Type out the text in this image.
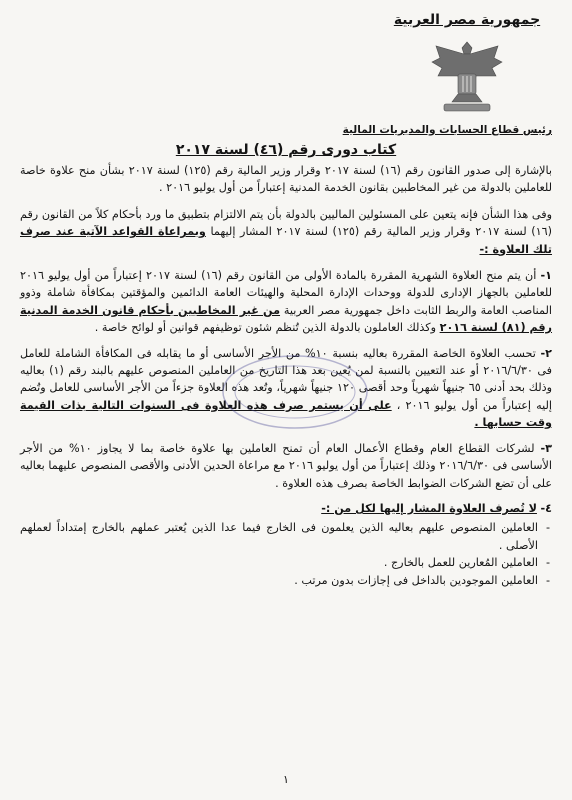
جمهورية مصر العربية
رئيس قطاع الحسابات والمديريات المالية
كتاب دورى رقم (٤٦) لسنة ٢٠١٧

بالإشارة إلى صدور القانون رقم (١٦) لسنة ٢٠١٧ وقرار وزير المالية رقم (١٢٥) لسنة ٢٠١٧ بشأن منح علاوة خاصة للعاملين بالدولة من غير المخاطبين بقانون الخدمة المدنية إعتباراً من أول يوليو ٢٠١٦ .

وفى هذا الشأن فإنه يتعين على المسئولين الماليين بالدولة بأن يتم الالتزام بتطبيق ما ورد بأحكام كلاً من القانون رقم (١٦) لسنة ٢٠١٧ وقرار وزير المالية رقم (١٢٥) لسنة ٢٠١٧ المشار إليهما وبمراعاة القواعد الآتية عند صرف تلك العلاوة :-

١- أن يتم منح العلاوة الشهرية المقررة بالمادة الأولى من القانون رقم (١٦) لسنة ٢٠١٧ إعتباراً من أول يوليو ٢٠١٦ للعاملين بالجهاز الإدارى للدولة ووحدات الإدارة المحلية والهيئات العامة الدائمين والمؤقتين بمكافأة شاملة وذوو المناصب العامة والربط الثابت داخل جمهورية مصر العربية من غير المخاطبين بأحكام قانون الخدمة المدنية رقم (٨١) لسنة ٢٠١٦ وكذلك العاملون بالدولة الذين تُنظم شئون توظيفهم قوانين أو لوائح خاصة .
٢- تحسب العلاوة الخاصة المقررة بعاليه بنسبة ١٠% من الأجر الأساسى أو ما يقابله فى المكافأة الشاملة للعامل فى ٢٠١٦/٦/٣٠ أو عند التعيين بالنسبة لمن يُعين بعد هذا التاريخ من العاملين المنصوص عليهم بالبند رقم (١) بعاليه وذلك بحد أدنى ٦٥ جنيهاً شهرياً وحد أقصى ١٢٠ جنيهاً شهرياً، وتُعد هذه العلاوة جزءاً من الأجر الأساسى للعامل وتُضم إليه إعتباراً من أول يوليو ٢٠١٦ ، على أن يستمر صرف هذه العلاوة فى السنوات التالية بذات القيمة وقت حسابها .
٣- لشركات القطاع العام وقطاع الأعمال العام أن تمنح العاملين بها علاوة خاصة بما لا يجاوز ١٠% من الأجر الأساسى فى ٢٠١٦/٦/٣٠ وذلك إعتباراً من أول يوليو ٢٠١٦ مع مراعاة الحدين الأدنى والأقصى المنصوص عليهما بعاليه على أن تضع الشركات الضوابط الخاصة بصرف هذه العلاوة .
٤- لا تُصرف العلاوة المشار إليها لكل من :-
- العاملين المنصوص عليهم بعاليه الذين يعلمون فى الخارج فيما عدا الذين يُعتبر عملهم بالخارج إمتداداً لعملهم الأصلى .
- العاملين المُعارين للعمل بالخارج .
- العاملين الموجودين بالداخل فى إجازات بدون مرتب .
١
